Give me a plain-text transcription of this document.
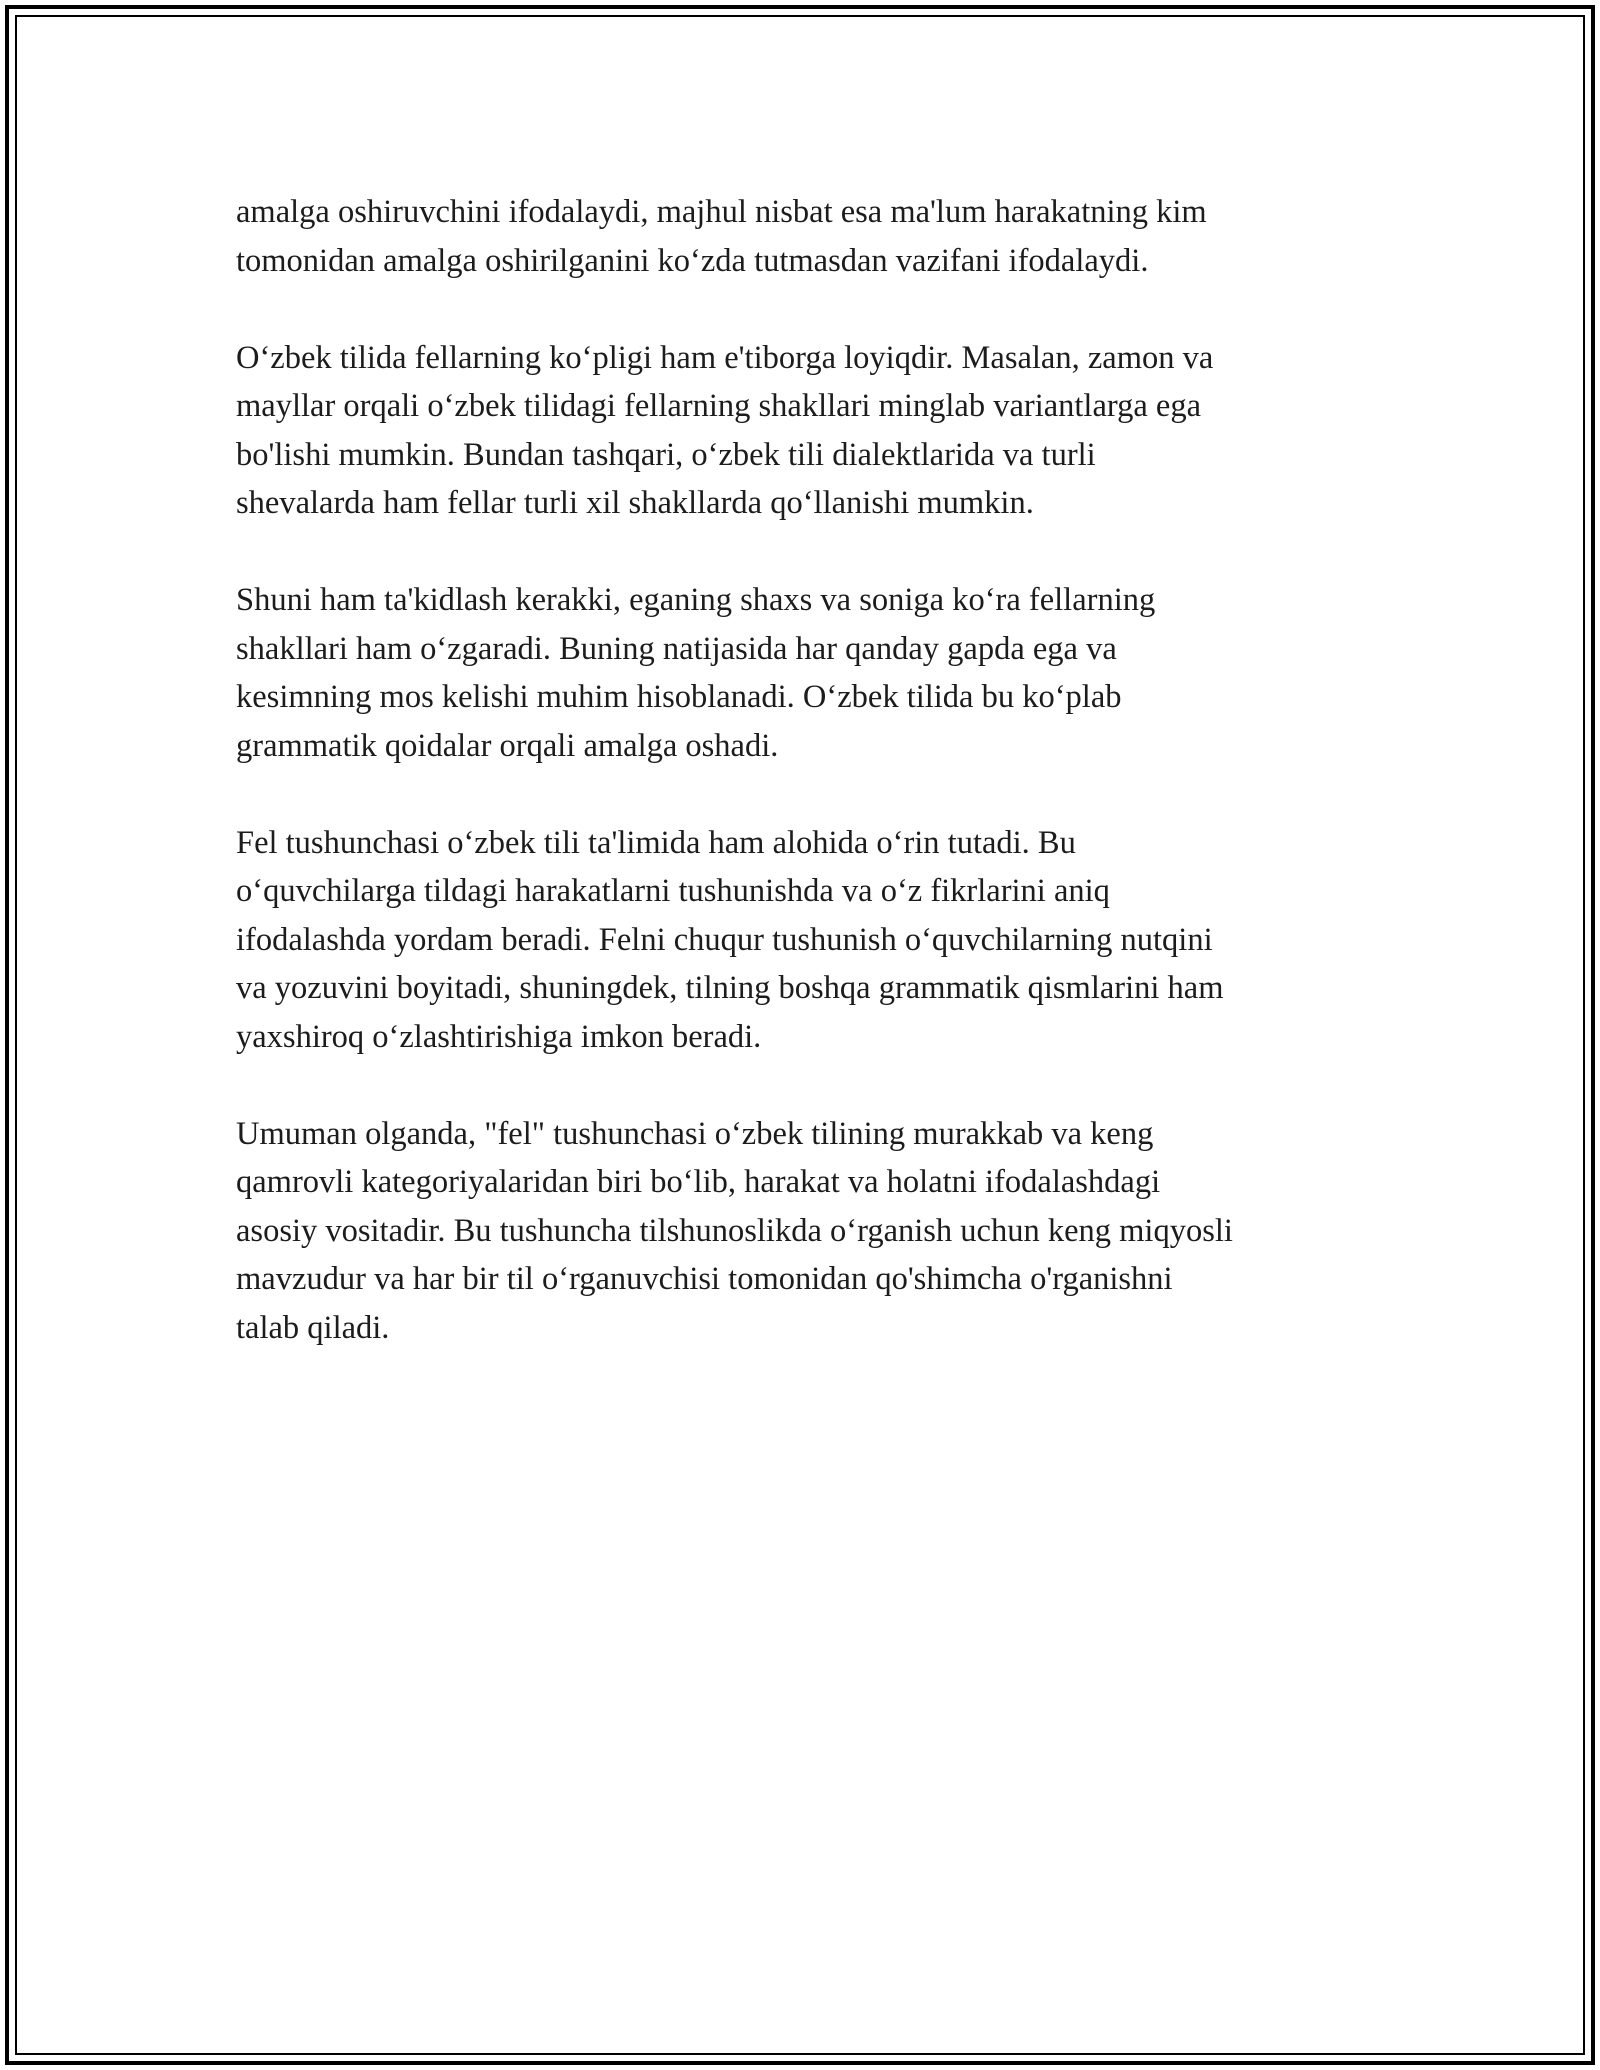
amalga oshiruvchini ifodalaydi, majhul nisbat esa ma'lum harakatning kim
tomonidan amalga oshirilganini koʻzda tutmasdan vazifani ifodalaydi.

Oʻzbek tilida fellarning koʻpligi ham e'tiborga loyiqdir. Masalan, zamon va
mayllar orqali oʻzbek tilidagi fellarning shakllari minglab variantlarga ega
bo'lishi mumkin. Bundan tashqari, oʻzbek tili dialektlarida va turli
shevalarda ham fellar turli xil shakllarda qoʻllanishi mumkin.

Shuni ham ta'kidlash kerakki, eganing shaxs va soniga koʻra fellarning
shakllari ham oʻzgaradi. Buning natijasida har qanday gapda ega va
kesimning mos kelishi muhim hisoblanadi. Oʻzbek tilida bu koʻplab
grammatik qoidalar orqali amalga oshadi.

Fel tushunchasi oʻzbek tili ta'limida ham alohida oʻrin tutadi. Bu
oʻquvchilarga tildagi harakatlarni tushunishda va oʻz fikrlarini aniq
ifodalashda yordam beradi. Felni chuqur tushunish oʻquvchilarning nutqini
va yozuvini boyitadi, shuningdek, tilning boshqa grammatik qismlarini ham
yaxshiroq oʻzlashtirishiga imkon beradi.

Umuman olganda, "fel" tushunchasi oʻzbek tilining murakkab va keng
qamrovli kategoriyalaridan biri boʻlib, harakat va holatni ifodalashdagi
asosiy vositadir. Bu tushuncha tilshunoslikda oʻrganish uchun keng miqyosli
mavzudur va har bir til oʻrganuvchisi tomonidan qo'shimcha o'rganishni
talab qiladi.
